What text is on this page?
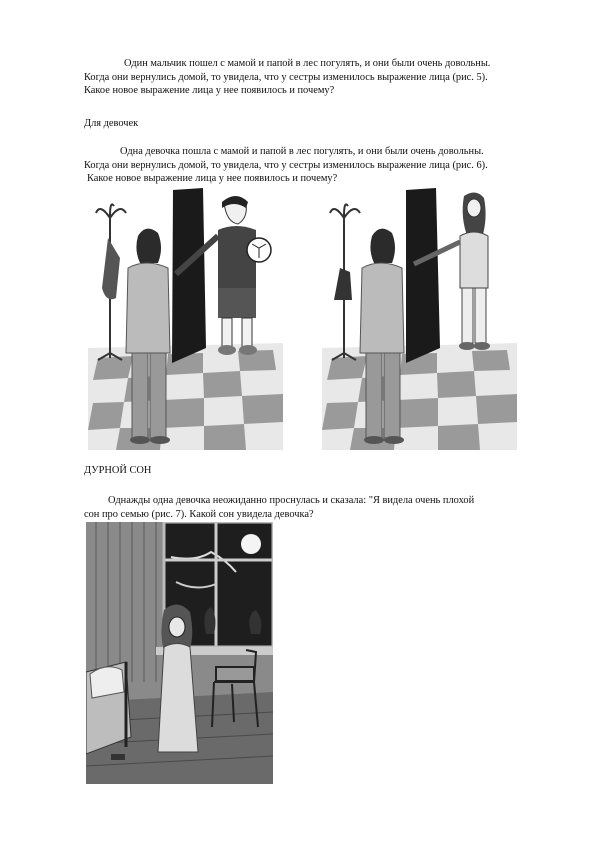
Один мальчик пошел с мамой и папой в лес погулять, и они были очень довольны.
Когда они вернулись домой, то увидела, что у сестры изменилось выражение лица (рис. 5).
Какое новое выражение лица у нее появилось и почему?
Для девочек
Одна девочка пошла с мамой и папой в лес погулять, и они были очень довольны.
Когда они вернулись домой, то увидела, что у сестры изменилось выражение лица (рис. 6).
Какое новое выражение лица у нее появилось и почему?
ДУРНОЙ СОН
Однажды одна девочка неожиданно проснулась и сказала: "Я видела очень плохой
сон про семью (рис. 7). Какой сон увидела девочка?
